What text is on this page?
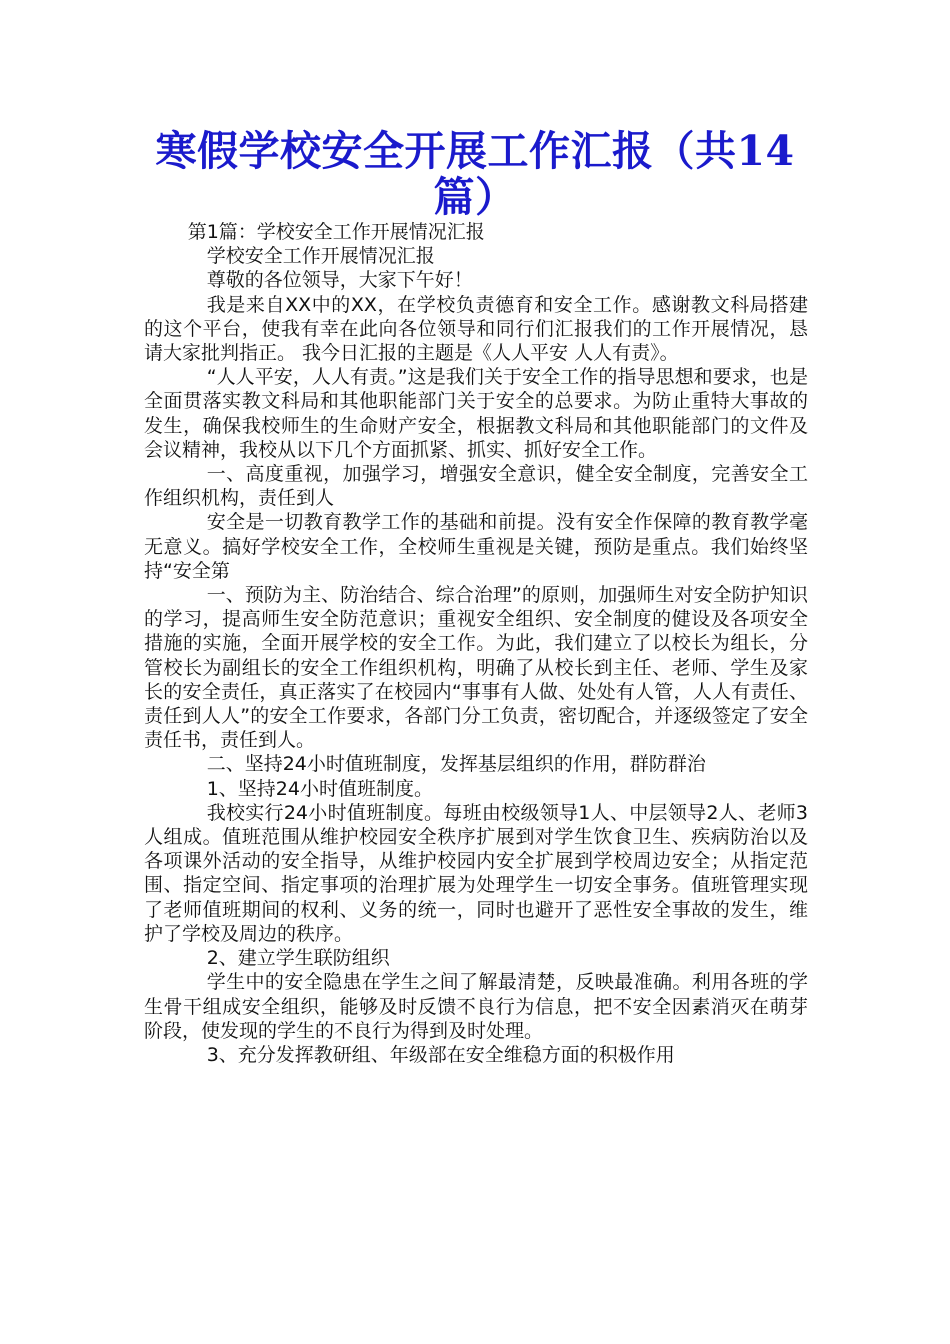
寒假学校安全开展工作汇报（共14篇）

第1篇：学校安全工作开展情况汇报

学校安全工作开展情况汇报

尊敬的各位领导，大家下午好！

我是来自XX中的XX，在学校负责德育和安全工作。感谢教文科局搭建的这个平台，使我有幸在此向各位领导和同行们汇报我们的工作开展情况，恳请大家批判指正。 我今日汇报的主题是《人人平安 人人有责》。

“人人平安，人人有责。”这是我们关于安全工作的指导思想和要求，也是全面贯落实教文科局和其他职能部门关于安全的总要求。为防止重特大事故的发生，确保我校师生的生命财产安全，根据教文科局和其他职能部门的文件及会议精神，我校从以下几个方面抓紧、抓实、抓好安全工作。

一、高度重视，加强学习，增强安全意识，健全安全制度，完善安全工作组织机构，责任到人

安全是一切教育教学工作的基础和前提。没有安全作保障的教育教学毫无意义。搞好学校安全工作，全校师生重视是关键，预防是重点。我们始终坚持“安全第

一、预防为主、防治结合、综合治理”的原则，加强师生对安全防护知识的学习，提高师生安全防范意识；重视安全组织、安全制度的健设及各项安全措施的实施，全面开展学校的安全工作。为此，我们建立了以校长为组长，分管校长为副组长的安全工作组织机构，明确了从校长到主任、老师、学生及家长的安全责任，真正落实了在校园内“事事有人做、处处有人管，人人有责任、责任到人人”的安全工作要求，各部门分工负责，密切配合，并逐级签定了安全责任书，责任到人。

二、坚持24小时值班制度，发挥基层组织的作用，群防群治

1、坚持24小时值班制度。

我校实行24小时值班制度。每班由校级领导1人、中层领导2人、老师3人组成。值班范围从维护校园安全秩序扩展到对学生饮食卫生、疾病防治以及各项课外活动的安全指导，从维护校园内安全扩展到学校周边安全；从指定范围、指定空间、指定事项的治理扩展为处理学生一切安全事务。值班管理实现了老师值班期间的权利、义务的统一，同时也避开了恶性安全事故的发生，维护了学校及周边的秩序。

2、建立学生联防组织

学生中的安全隐患在学生之间了解最清楚，反映最准确。利用各班的学生骨干组成安全组织，能够及时反馈不良行为信息，把不安全因素消灭在萌芽阶段，使发现的学生的不良行为得到及时处理。

3、充分发挥教研组、年级部在安全维稳方面的积极作用
